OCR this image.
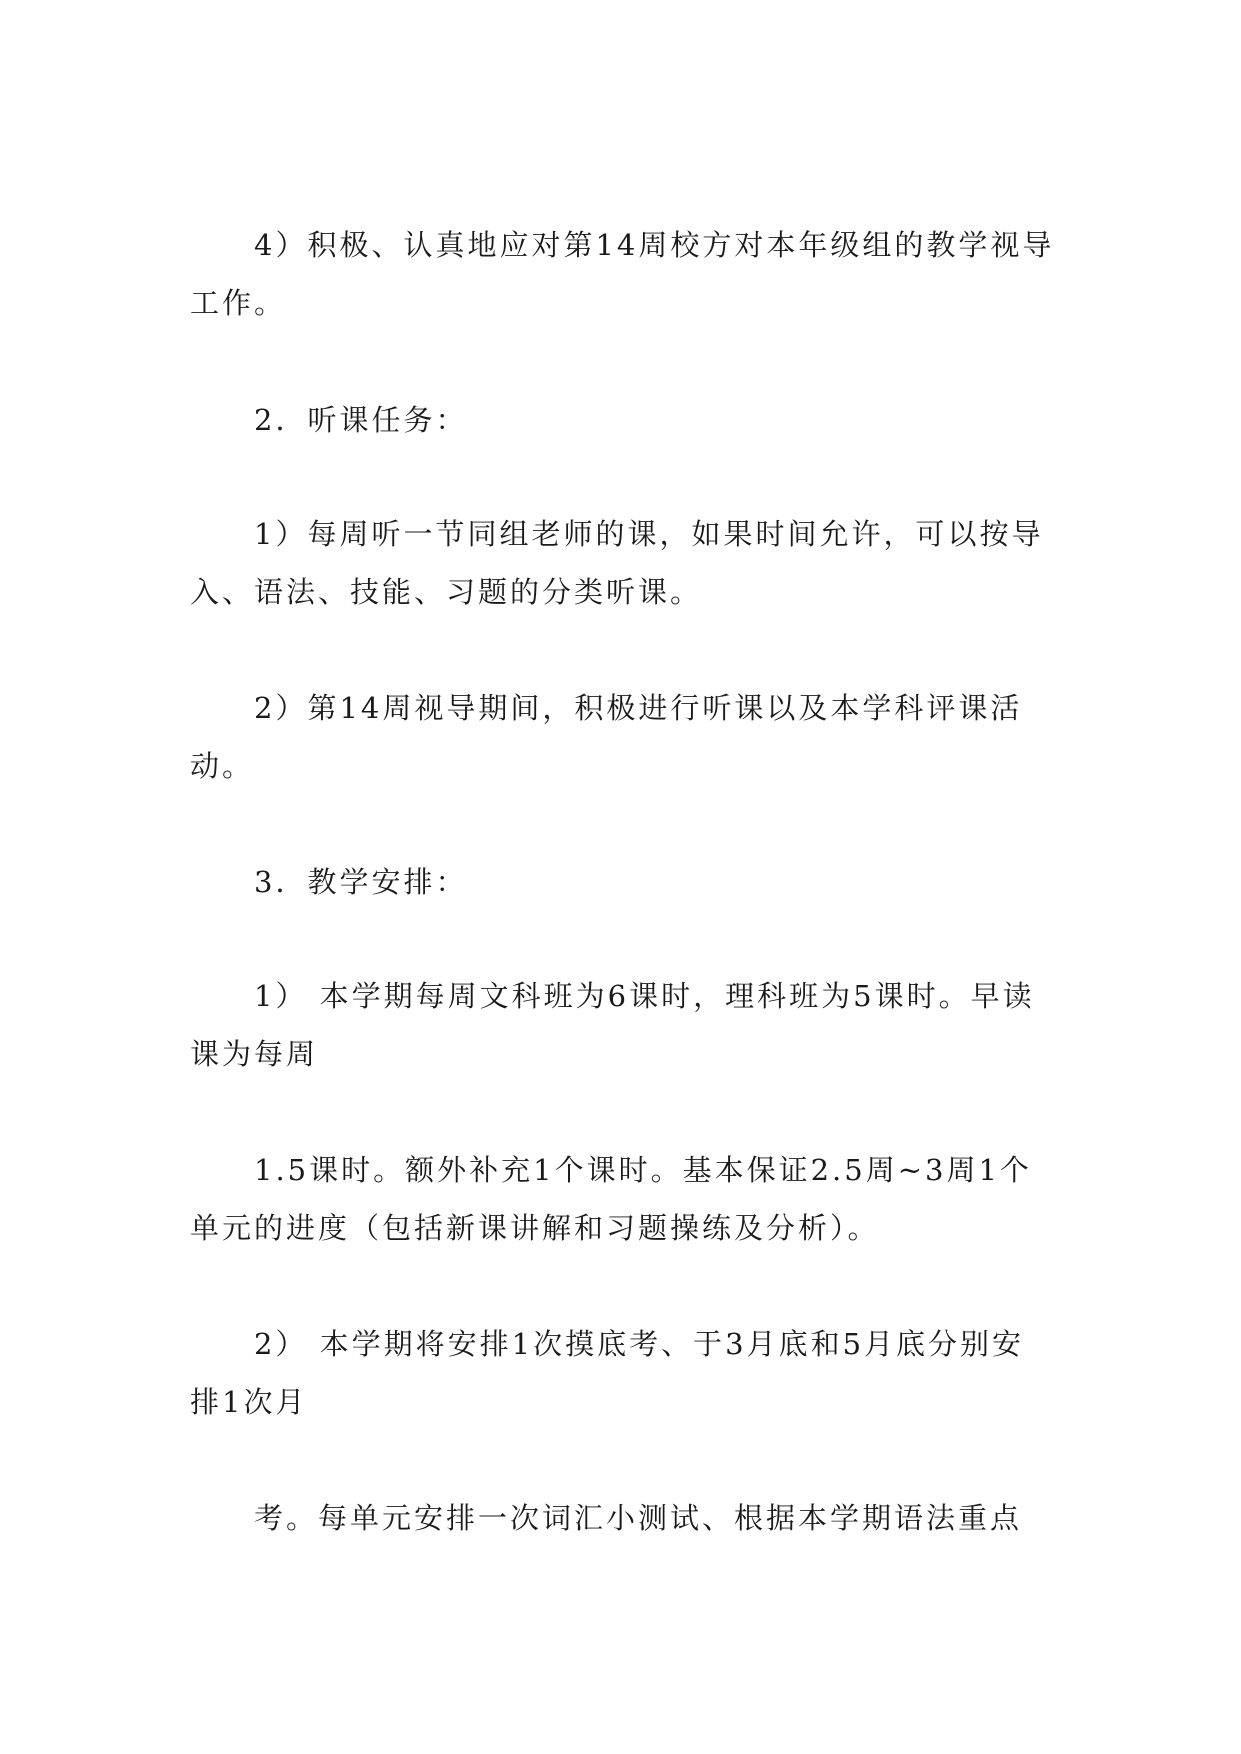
4）积极、认真地应对第14周校方对本年级组的教学视导工作。

2．听课任务：

1）每周听一节同组老师的课，如果时间允许，可以按导入、语法、技能、习题的分类听课。

2）第14周视导期间，积极进行听课以及本学科评课活动。

3．教学安排：

1） 本学期每周文科班为6课时，理科班为5课时。早读课为每周

1.5课时。额外补充1个课时。基本保证2.5周~3周1个单元的进度（包括新课讲解和习题操练及分析）。

2） 本学期将安排1次摸底考、于3月底和5月底分别安排1次月

考。每单元安排一次词汇小测试、根据本学期语法重点
